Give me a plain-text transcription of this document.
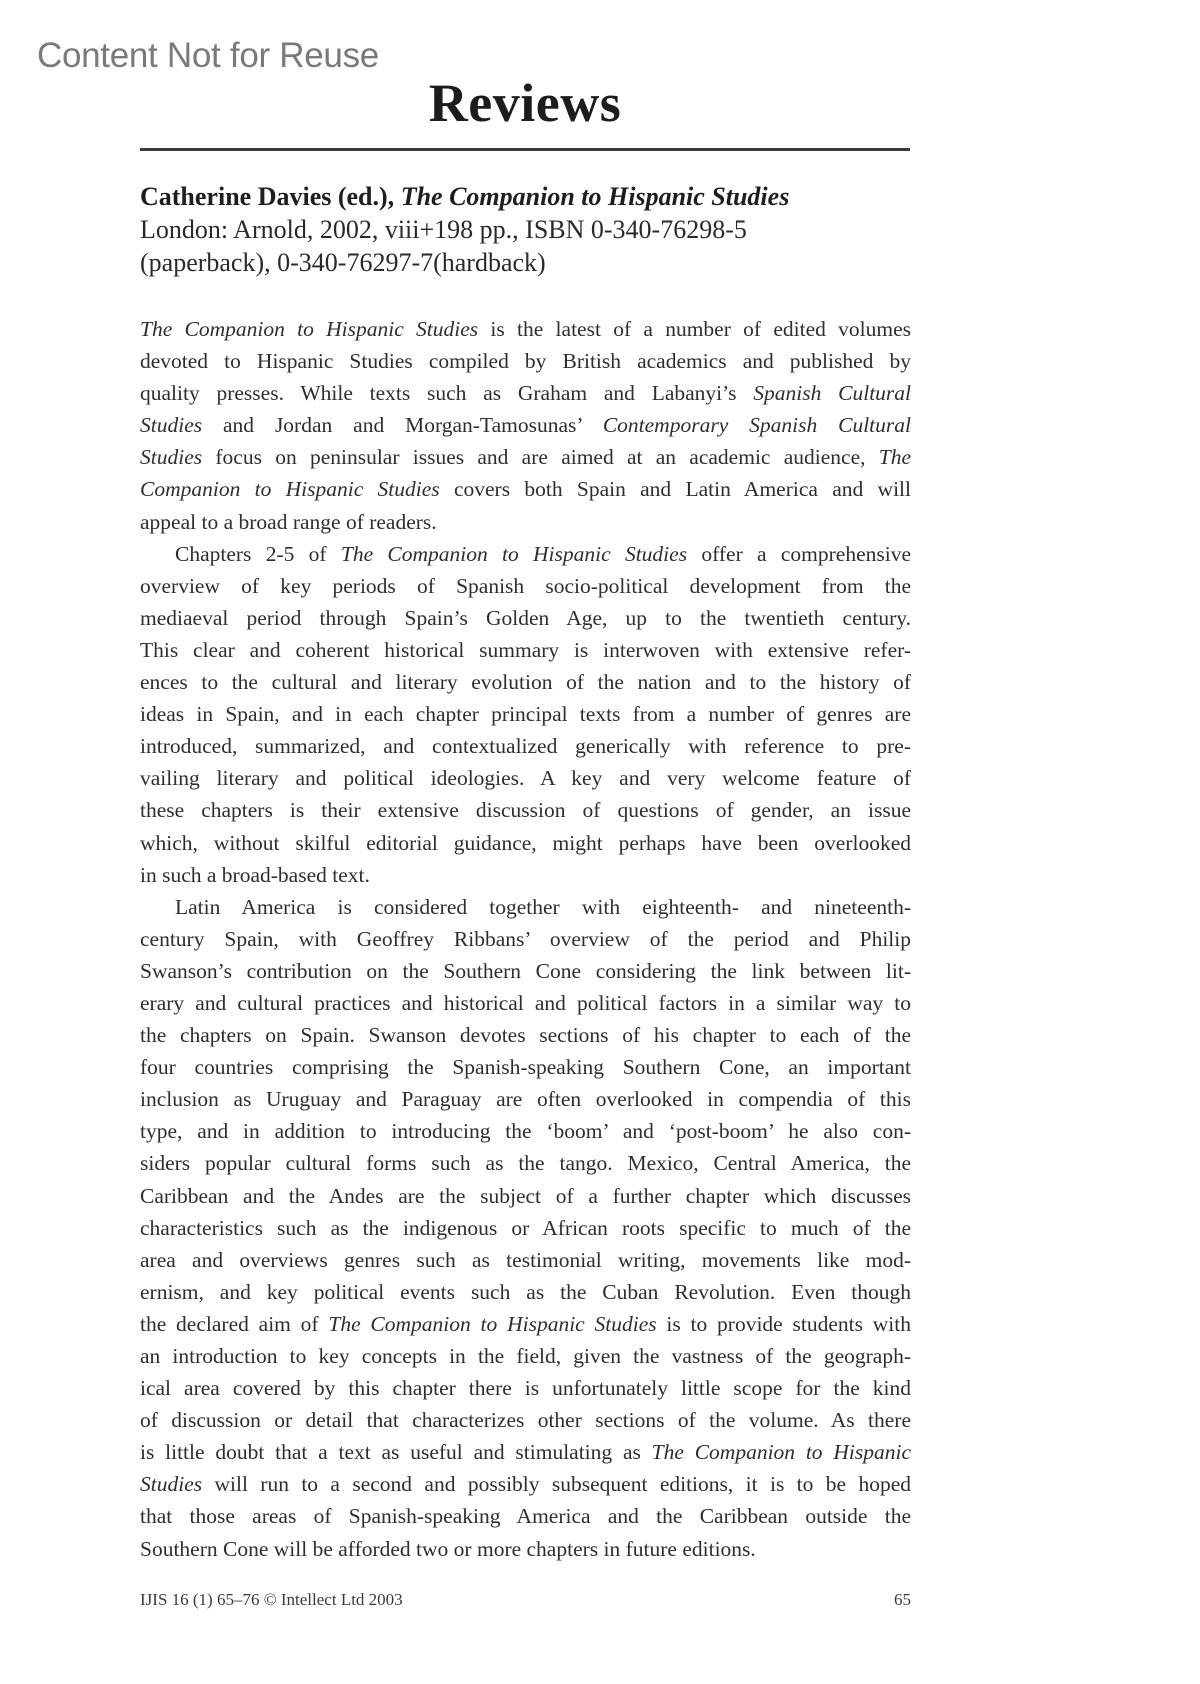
Content Not for Reuse
Reviews
Catherine Davies (ed.), The Companion to Hispanic Studies
London: Arnold, 2002, viii+198 pp., ISBN 0-340-76298-5
(paperback), 0-340-76297-7(hardback)
The Companion to Hispanic Studies is the latest of a number of edited volumes
devoted to Hispanic Studies compiled by British academics and published by
quality presses. While texts such as Graham and Labanyi’s Spanish Cultural
Studies and Jordan and Morgan-Tamosunas’ Contemporary Spanish Cultural
Studies focus on peninsular issues and are aimed at an academic audience, The
Companion to Hispanic Studies covers both Spain and Latin America and will
appeal to a broad range of readers.
Chapters 2-5 of The Companion to Hispanic Studies offer a comprehensive
overview of key periods of Spanish socio-political development from the
mediaeval period through Spain’s Golden Age, up to the twentieth century.
This clear and coherent historical summary is interwoven with extensive refer-
ences to the cultural and literary evolution of the nation and to the history of
ideas in Spain, and in each chapter principal texts from a number of genres are
introduced, summarized, and contextualized generically with reference to pre-
vailing literary and political ideologies. A key and very welcome feature of
these chapters is their extensive discussion of questions of gender, an issue
which, without skilful editorial guidance, might perhaps have been overlooked
in such a broad-based text.
Latin America is considered together with eighteenth- and nineteenth-
century Spain, with Geoffrey Ribbans’ overview of the period and Philip
Swanson’s contribution on the Southern Cone considering the link between lit-
erary and cultural practices and historical and political factors in a similar way to
the chapters on Spain. Swanson devotes sections of his chapter to each of the
four countries comprising the Spanish-speaking Southern Cone, an important
inclusion as Uruguay and Paraguay are often overlooked in compendia of this
type, and in addition to introducing the ‘boom’ and ‘post-boom’ he also con-
siders popular cultural forms such as the tango. Mexico, Central America, the
Caribbean and the Andes are the subject of a further chapter which discusses
characteristics such as the indigenous or African roots specific to much of the
area and overviews genres such as testimonial writing, movements like mod-
ernism, and key political events such as the Cuban Revolution. Even though
the declared aim of The Companion to Hispanic Studies is to provide students with
an introduction to key concepts in the field, given the vastness of the geograph-
ical area covered by this chapter there is unfortunately little scope for the kind
of discussion or detail that characterizes other sections of the volume. As there
is little doubt that a text as useful and stimulating as The Companion to Hispanic
Studies will run to a second and possibly subsequent editions, it is to be hoped
that those areas of Spanish-speaking America and the Caribbean outside the
Southern Cone will be afforded two or more chapters in future editions.
IJIS 16 (1) 65–76 © Intellect Ltd 2003	65
